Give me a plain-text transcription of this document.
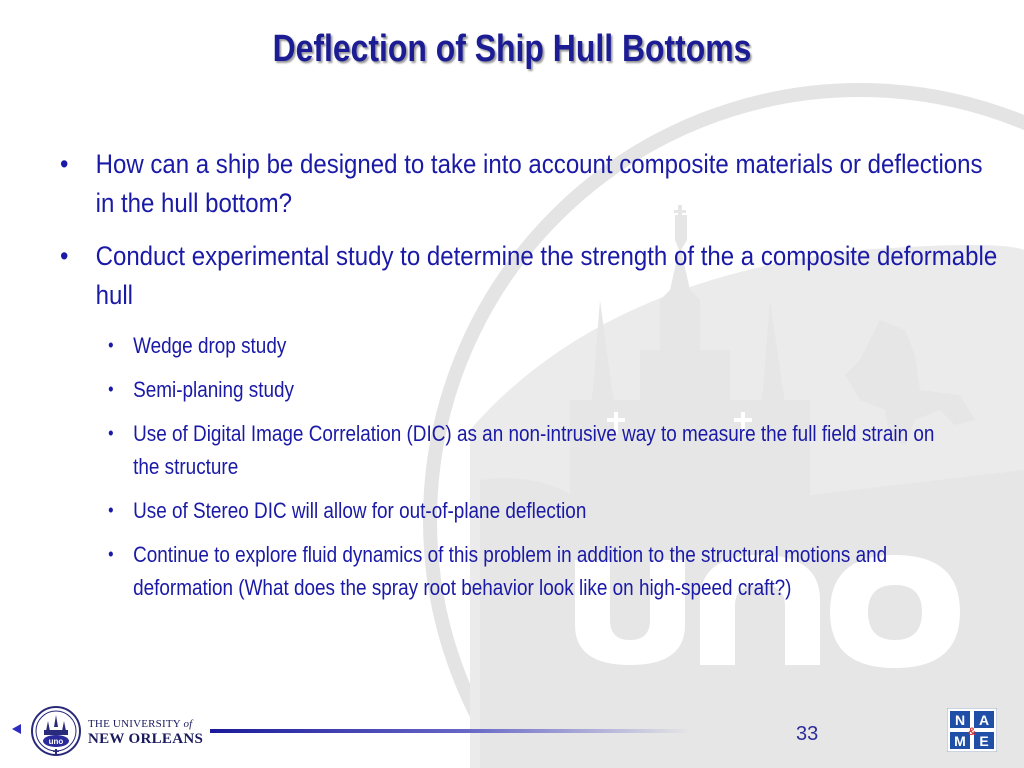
Deflection of Ship Hull Bottoms
• How can a ship be designed to take into account composite materials or deflections in the hull bottom?
• Conduct experimental study to determine the strength of the a composite deformable hull
• Wedge drop study
• Semi-planing study
• Use of Digital Image Correlation (DIC) as an non-intrusive way to measure the full field strain on the structure
• Use of Stereo DIC will allow for out-of-plane deflection
• Continue to explore fluid dynamics of this problem in addition to the structural motions and deformation (What does the spray root behavior look like on high-speed craft?)
uno
THE UNIVERSITY of
NEW ORLEANS	33
N A
M E
&
